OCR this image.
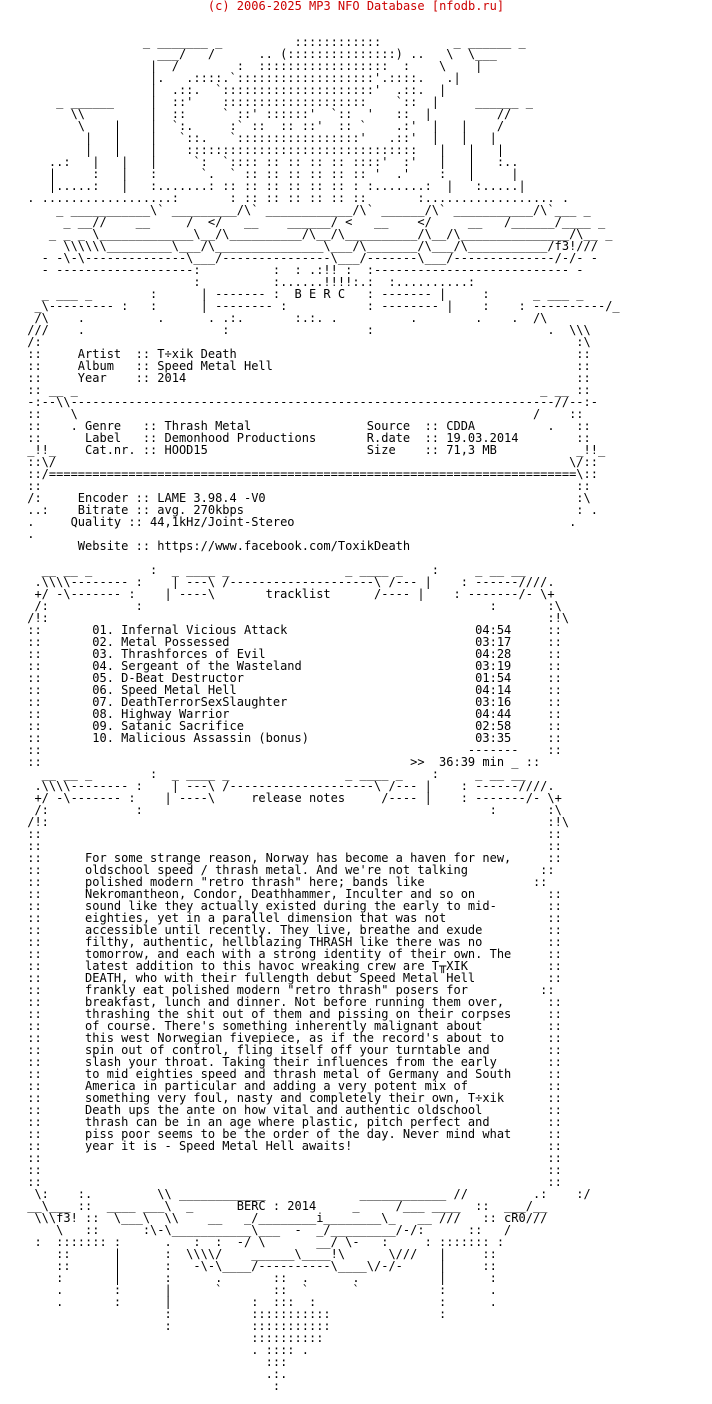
(c) 2006-2025 MP3 NFO Database [nfodb.ru]

_ _______ _          ::::::::::::          _ ______ _
___/   /      .. (:::::::::::::::) ..   \  \___
|  /        :  ::::::::::::::::::  :    \    |
|.   .::::.`:::::::::::::::::::'.::::.   .|
|  .::.  `:::::::::::::::::::::'  .::.  |
_ ______     |  ::'    ::::::::::::::::::::    `::  |     ______ _
\\         |  ::     ` ::' ::::::'  `::  '   ::  |         //
\    |    |  `:.     :` ::  :: ::'  :: `    .:'  |   |    /
|   |    |   `::.   `:::::::::::::::::'   .::'  |   |   |
|   |    |    ::::::::::::::::::::::::::::::::   |   |   |
..:   |   |   |     `:  `:::: :: :: :: :: ::::'  :'   |   |   :..
|     :   |   :      `.  ` :: :: :: :: :: :: '  .'    :   |     |
|.....:   |   :.......: :: :: :: :: :: :: : :.......:  |   :.....|
. ..................:       : :: :: :: :: :: ::       :.................. .
_ ___________\` _________/\` ____________/\` ______/\` ___________/\`___ _
_ __//    __     /  </   __    ______/ <   __    </     __   /______/____ _
_ _ _ \_____________\__/\__________/\__/\__________/\__/\_______________/\__ _
\\\\\\_________\___/\_______________\___/\_______/\___/\___________/f3!///
- -\-\--------------\___/---------------\___/-------\___/--------------/-/- -
- -------------------:          :  : .:!! :  :--------------------------- -
:          :......!!!!:.:  :..........:
_ ___ _        :      | ------- :  B E R C   : ------- |     :      _ ___ _
_\--------- :   :      | -------- :           : -------- |    :    : ----------/_
/\    .          .      . .:.       :.:. .          .        .    .  /\
///    .                   :                   :                        .  \\\
/:                                                                          :\
::     Artist  :: T÷xik Death                                               ::
::     Album   :: Speed Metal Hell                                          ::
::     Year    :: 2014                                                      ::
:: __ _                                                                _ __ ::
-:--\\-------------------------------------------------------------------//--:-
::    \                                                               /    ::
::    . Genre   :: Thrash Metal                Source  :: CDDA          .   ::
::      Label   :: Demonhood Productions       R.date  :: 19.03.2014        ::
_!!_    Cat.nr. :: HOOD15                      Size    :: 71,3 MB           _!!_
::\/                                                                       \/::
::/=========================================================================\::
::                                                                          ::
/:     Encoder :: LAME 3.98.4 -V0                                           :\
..:    Bitrate :: avg. 270kbps                                              : .
.     Quality :: 44,1kHz/Joint-Stereo                                      .
.
Website :: https://www.facebook.com/ToxikDeath

__ __ _        :  _ ____ _                _ ____ _    :     _ __ __
.\\\\-------- :    | ---\ /--------------------\ /--- |    : ------////.
+/ -\------- :    | ----\       tracklist      /---- |    : -------/- \+
/:            :                                                :       :\
/!:                                                                     :!\
::       01. Infernal Vicious Attack                          04:54     ::
::       02. Metal Possessed                                  03:17     ::
::       03. Thrashforces of Evil                             04:28     ::
::       04. Sergeant of the Wasteland                        03:19     ::
::       05. D-Beat Destructor                                01:54     ::
::       06. Speed Metal Hell                                 04:14     ::
::       07. DeathTerrorSexSlaughter                          03:16     ::
::       08. Highway Warrior                                  04:44     ::
::       09. Satanic Sacrifice                                02:58     ::
::       10. Malicious Assassin (bonus)                       03:35     ::
::                                                           -------    ::
::                                                   >>  36:39 min _ ::
__ __ _        :  _ ____ _                _ ____ _    :     _ __ __
.\\\\-------- :    | ---\ /--------------------\ /--- |    : ------////.
+/ -\------- :    | ----\     release notes     /---- |    : -------/- \+
/:            :                                                :       :\
/!:                                                                     :!\
::                                                                      ::
::                                                                      ::
::      For some strange reason, Norway has become a haven for new,     ::
::      oldschool speed / thrash metal. And we're not talking          ::
::      polished modern "retro thrash" here; bands like               ::
::      Nekromantheon, Condor, Deathhammer, Inculter and so on          ::
::      sound like they actually existed during the early to mid-       ::
::      eighties, yet in a parallel dimension that was not              ::
::      accessible until recently. They live, breathe and exude         ::
::      filthy, authentic, hellblazing THRASH like there was no         ::
::      tomorrow, and each with a strong identity of their own. The     ::
::      latest addition to this havoc wreaking crew are T╥XIK           ::
::      DEATH, who with their fullength debut Speed Metal Hell          ::
::      frankly eat polished modern "retro thrash" posers for          ::
::      breakfast, lunch and dinner. Not before running them over,      ::
::      thrashing the shit out of them and pissing on their corpses     ::
::      of course. There's something inherently malignant about         ::
::      this west Norwegian fivepiece, as if the record's about to      ::
::      spin out of control, fling itself off your turntable and        ::
::      slash your throat. Taking their influences from the early       ::
::      to mid eighties speed and thrash metal of Germany and South     ::
::      America in particular and adding a very potent mix of           ::
::      something very foul, nasty and completely their own, T÷xik      ::
::      Death ups the ante on how vital and authentic oldschool         ::
::      thrash can be in an age where plastic, pitch perfect and        ::
::      piss poor seems to be the order of the day. Never mind what     ::
::      year it is - Speed Metal Hell awaits!                           ::
::                                                                      ::
::                                                                      ::
::                                                                      ::
\:    :.         \\ ____________             ____________ //         .:    :/
__\___ ::  ____ ___\  _      BERC : 2014     _     /___ ____  ::  ___/__
\\\f3! ::  \___\  \\    __   _/________i________\_   __ ///   :: cR0///
\   ::      :\-\___________\___  -  _/_________/-/:      ::   /
:  ::::::: :      .   :  :  -/ \       __/ \-   :     : ::::::: :
::      |      :  \\\\/    ______\____!\      \///   |     ::
::      |      :   -\-\____/----------\____\/-/-     |     ::
:       |      :      .       ::  .      .           |      :
.       :      |      `       ::  `      `           :      .
.       :      |           :  :::  :                 :      .
:           :::::::::::               :
:           :::::::::::
::::::::::
. :::: .
:::
.:.
:
